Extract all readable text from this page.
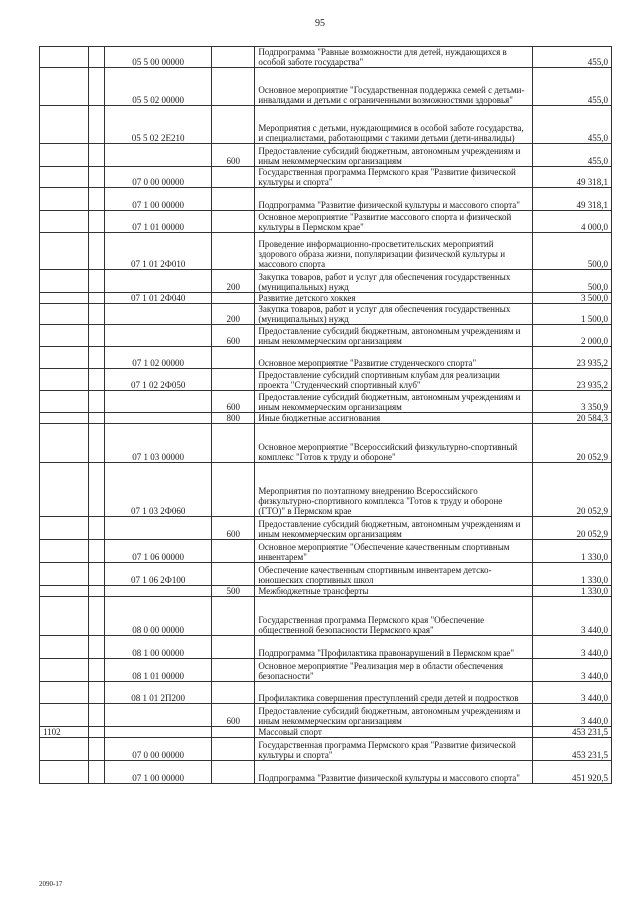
95
		05 5 00 00000		Подпрограмма "Равные возможности для детей, нуждающихся в особой заботе государства"	455,0
		05 5 02 00000		Основное мероприятие "Государственная поддержка семей с детьми-инвалидами и детьми с ограниченными возможностями здоровья"	455,0
		05 5 02 2Е210		Мероприятия с детьми, нуждающимися в особой заботе государства, и специалистами, работающими с такими детьми (дети-инвалиды)	455,0
			600	Предоставление субсидий бюджетным, автономным учреждениям и иным некоммерческим организациям	455,0
		07 0 00 00000		Государственная программа Пермского края "Развитие физической культуры и спорта"	49 318,1
		07 1 00 00000		Подпрограмма "Развитие физической культуры и массового спорта"	49 318,1
		07 1 01 00000		Основное мероприятие "Развитие массового спорта и физической культуры в Пермском крае"	4 000,0
		07 1 01 2Ф010		Проведение информационно-просветительских мероприятий здорового образа жизни, популяризации физической культуры и массового спорта	500,0
			200	Закупка товаров, работ и услуг для обеспечения государственных (муниципальных) нужд	500,0
		07 1 01 2Ф040		Развитие детского хоккея	3 500,0
			200	Закупка товаров, работ и услуг для обеспечения государственных (муниципальных) нужд	1 500,0
			600	Предоставление субсидий бюджетным, автономным учреждениям и иным некоммерческим организациям	2 000,0
		07 1 02 00000		Основное мероприятие "Развитие студенческого спорта"	23 935,2
		07 1 02 2Ф050		Предоставление субсидий спортивным клубам для реализации проекта "Студенческий спортивный клуб"	23 935,2
			600	Предоставление субсидий бюджетным, автономным учреждениям и иным некоммерческим организациям	3 350,9
			800	Иные бюджетные ассигнования	20 584,3
		07 1 03 00000		Основное мероприятие "Всероссийский физкультурно-спортивный комплекс "Готов к труду и обороне"	20 052,9
		07 1 03 2Ф060		Мероприятия по поэтапному внедрению Всероссийского физкультурно-спортивного комплекса "Готов к труду и обороне (ГТО)" в Пермском крае	20 052,9
			600	Предоставление субсидий бюджетным, автономным учреждениям и иным некоммерческим организациям	20 052,9
		07 1 06 00000		Основное мероприятие "Обеспечение качественным спортивным инвентарем"	1 330,0
		07 1 06 2Ф100		Обеспечение качественным спортивным инвентарем детско-юношеских спортивных школ	1 330,0
			500	Межбюджетные трансферты	1 330,0
		08 0 00 00000		Государственная программа Пермского края "Обеспечение общественной безопасности Пермского края"	3 440,0
		08 1 00 00000		Подпрограмма "Профилактика правонарушений в Пермском крае"	3 440,0
		08 1 01 00000		Основное мероприятие "Реализация мер в области обеспечения безопасности"	3 440,0
		08 1 01 2П200		Профилактика совершения преступлений среди детей и подростков	3 440,0
			600	Предоставление субсидий бюджетным, автономным учреждениям и иным некоммерческим организациям	3 440,0
1102				Массовый спорт	453 231,5
		07 0 00 00000		Государственная программа Пермского края "Развитие физической культуры и спорта"	453 231,5
		07 1 00 00000		Подпрограмма "Развитие физической культуры и массового спорта"	451 920,5
2090-17
